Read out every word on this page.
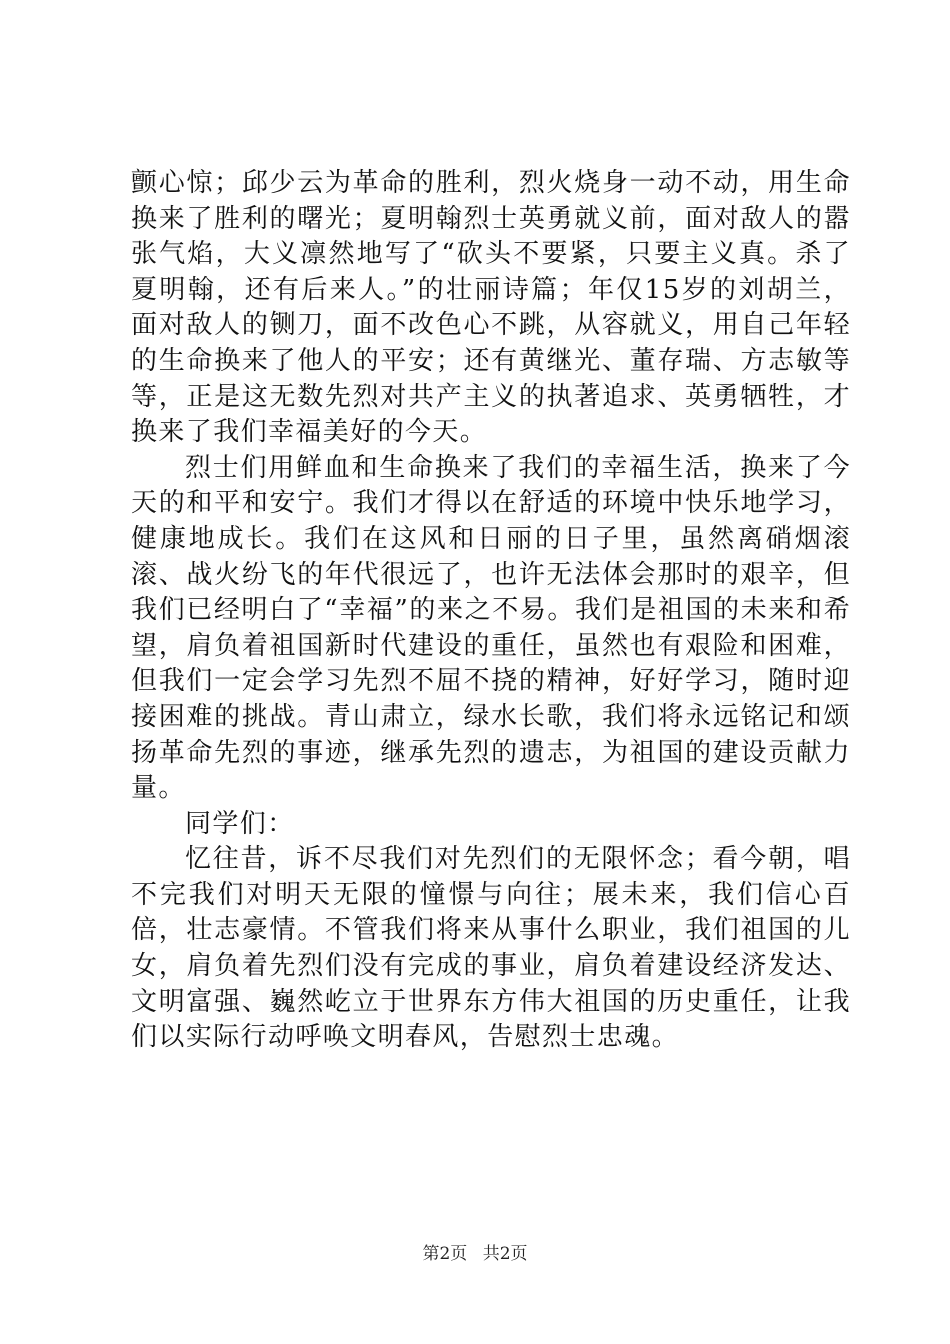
颤心惊；邱少云为革命的胜利，烈火烧身一动不动，用生命换来了胜利的曙光；夏明翰烈士英勇就义前，面对敌人的嚣张气焰，大义凛然地写了“砍头不要紧，只要主义真。杀了夏明翰，还有后来人。”的壮丽诗篇；年仅15岁的刘胡兰，面对敌人的铡刀，面不改色心不跳，从容就义，用自己年轻的生命换来了他人的平安；还有黄继光、董存瑞、方志敏等等，正是这无数先烈对共产主义的执著追求、英勇牺牲，才换来了我们幸福美好的今天。

烈士们用鲜血和生命换来了我们的幸福生活，换来了今天的和平和安宁。我们才得以在舒适的环境中快乐地学习，健康地成长。我们在这风和日丽的日子里，虽然离硝烟滚滚、战火纷飞的年代很远了，也许无法体会那时的艰辛，但我们已经明白了“幸福”的来之不易。我们是祖国的未来和希望，肩负着祖国新时代建设的重任，虽然也有艰险和困难，但我们一定会学习先烈不屈不挠的精神，好好学习，随时迎接困难的挑战。青山肃立，绿水长歌，我们将永远铭记和颂扬革命先烈的事迹，继承先烈的遗志，为祖国的建设贡献力量。

同学们：

忆往昔，诉不尽我们对先烈们的无限怀念；看今朝，唱不完我们对明天无限的憧憬与向往；展未来，我们信心百倍，壮志豪情。不管我们将来从事什么职业，我们祖国的儿女，肩负着先烈们没有完成的事业，肩负着建设经济发达、文明富强、巍然屹立于世界东方伟大祖国的历史重任，让我们以实际行动呼唤文明春风，告慰烈士忠魂。

第2页 共2页
